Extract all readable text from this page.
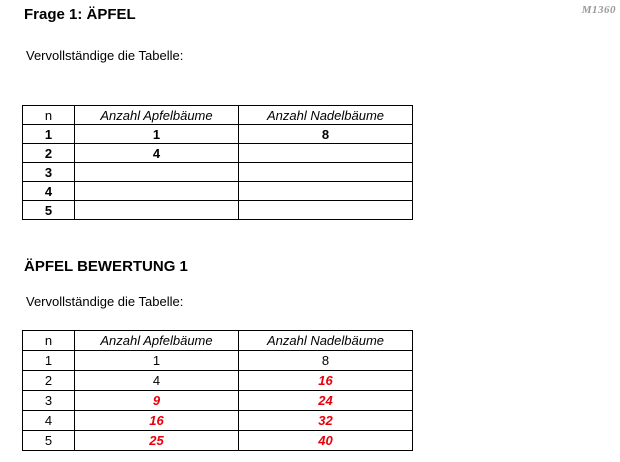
M1360
Frage 1: ÄPFEL
Vervollständige die Tabelle:
n	Anzahl Apfelbäume	Anzahl Nadelbäume
1	1	8
2	4	
3		
4		
5		
ÄPFEL BEWERTUNG 1
Vervollständige die Tabelle:
n	Anzahl Apfelbäume	Anzahl Nadelbäume
1	1	8
2	4	16
3	9	24
4	16	32
5	25	40
